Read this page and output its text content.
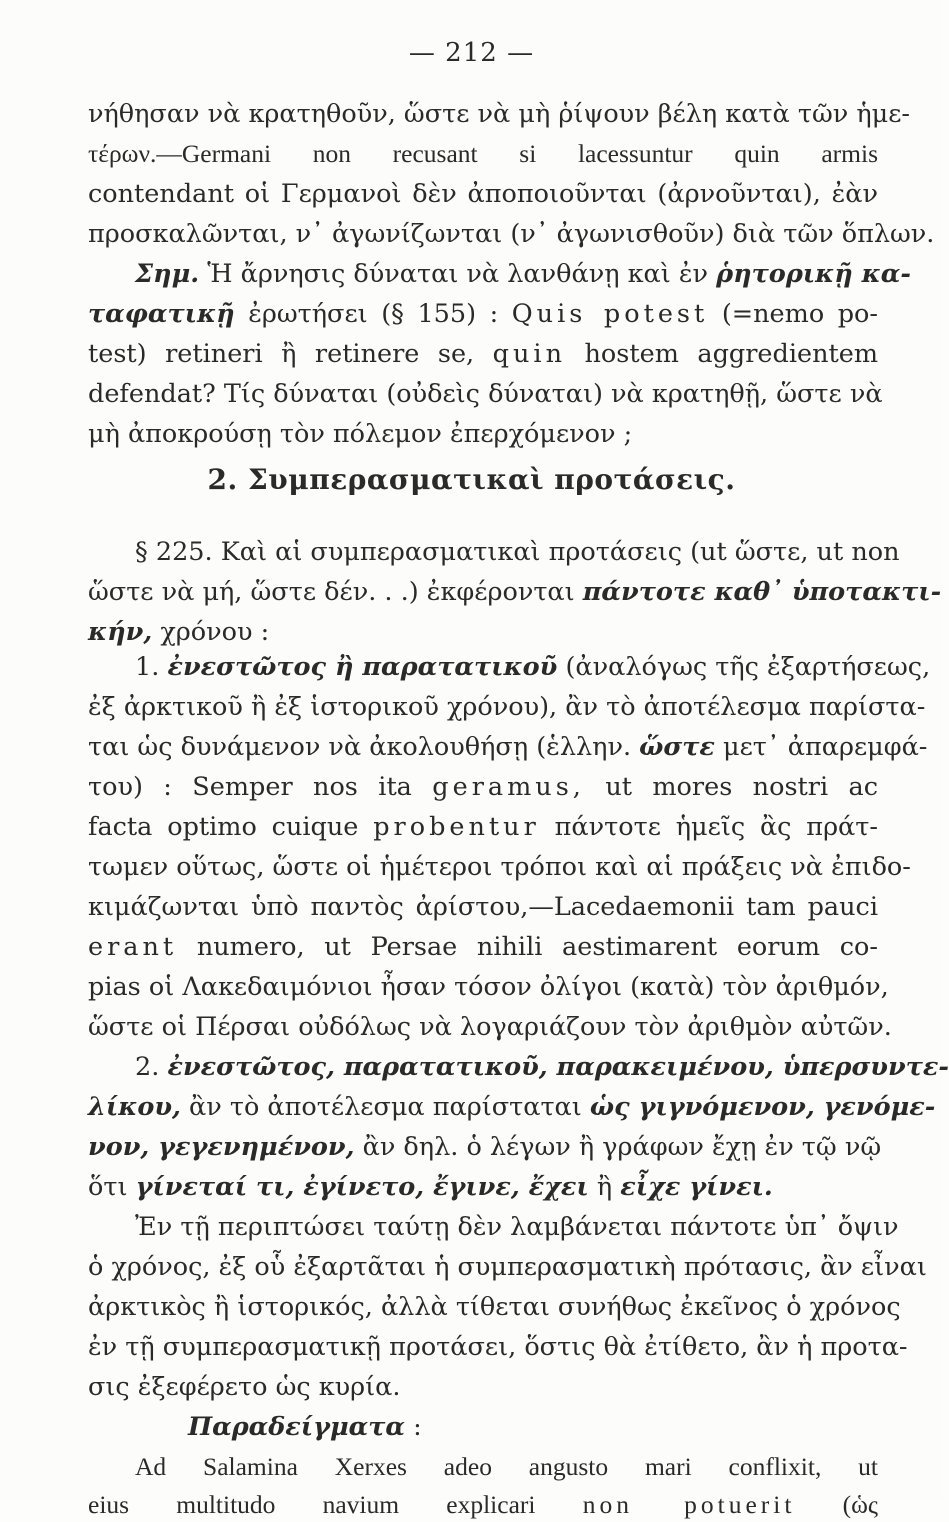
— 212 —
νήθησαν νὰ κρατηθοῦν, ὥστε νὰ μὴ ῥίψουν βέλη κατὰ τῶν ἡμε-
τέρων.—Germani non recusant si lacessuntur quin armis
contendant οἱ Γερμανοὶ δὲν ἀποποιοῦνται (ἀρνοῦνται), ἐὰν
προσκαλῶνται, ν᾽ ἀγωνίζωνται (ν᾽ ἀγωνισθοῦν) διὰ τῶν ὅπλων.
Σημ. Ἡ ἄρνησις δύναται νὰ λανθάνῃ καὶ ἐν ῥητορικῇ κα-
ταφατικῇ ἐρωτήσει (§ 155) : Quis potest (=nemo po-
test) retineri ἢ retinere se, quin hostem aggredientem
defendat? Τίς δύναται (οὐδεὶς δύναται) νὰ κρατηθῇ, ὥστε νὰ
μὴ ἀποκρούσῃ τὸν πόλεμον ἐπερχόμενον ;
2. Συμπερασματικαὶ προτάσεις.
§ 225. Καὶ αἱ συμπερασματικαὶ προτάσεις (ut ὥστε, ut non
ὥστε νὰ μή, ὥστε δέν. . .) ἐκφέρονται πάντοτε καθ᾽ ὑποτακτι-
κήν, χρόνου :
1. ἐνεστῶτος ἢ παρατατικοῦ (ἀναλόγως τῆς ἐξαρτήσεως,
ἐξ ἀρκτικοῦ ἢ ἐξ ἱστορικοῦ χρόνου), ἂν τὸ ἀποτέλεσμα παρίστα-
ται ὡς δυνάμενον νὰ ἀκολουθήσῃ (ἑλλην. ὥστε μετ᾽ ἀπαρεμφά-
του) : Semper nos ita geramus, ut mores nostri ac
facta optimo cuique probentur πάντοτε ἡμεῖς ἂς πράτ-
τωμεν οὕτως, ὥστε οἱ ἡμέτεροι τρόποι καὶ αἱ πράξεις νὰ ἐπιδο-
κιμάζωνται ὑπὸ παντὸς ἀρίστου,—Lacedaemonii tam pauci
erant numero, ut Persae nihili aestimarent eorum co-
pias οἱ Λακεδαιμόνιοι ἦσαν τόσον ὀλίγοι (κατὰ) τὸν ἀριθμόν,
ὥστε οἱ Πέρσαι οὐδόλως νὰ λογαριάζουν τὸν ἀριθμὸν αὐτῶν.
2. ἐνεστῶτος, παρατατικοῦ, παρακειμένου, ὑπερσυντε-
λίκου, ἂν τὸ ἀποτέλεσμα παρίσταται ὡς γιγνόμενον, γενόμε-
νον, γεγενημένον, ἂν δηλ. ὁ λέγων ἢ γράφων ἔχῃ ἐν τῷ νῷ
ὅτι γίνεταί τι, ἐγίνετο, ἔγινε, ἔχει ἢ εἶχε γίνει.
Ἐν τῇ περιπτώσει ταύτῃ δὲν λαμβάνεται πάντοτε ὑπ᾽ ὄψιν
ὁ χρόνος, ἐξ οὗ ἐξαρτᾶται ἡ συμπερασματικὴ πρότασις, ἂν εἶναι
ἀρκτικὸς ἢ ἱστορικός, ἀλλὰ τίθεται συνήθως ἐκεῖνος ὁ χρόνος
ἐν τῇ συμπερασματικῇ προτάσει, ὅστις θὰ ἐτίθετο, ἂν ἡ προτα-
σις ἐξεφέρετο ὡς κυρία.
Παραδείγματα :
Ad Salamina Xerxes adeo angusto mari conflixit, ut
eius multitudo navium explicari non potuerit (ὡς
